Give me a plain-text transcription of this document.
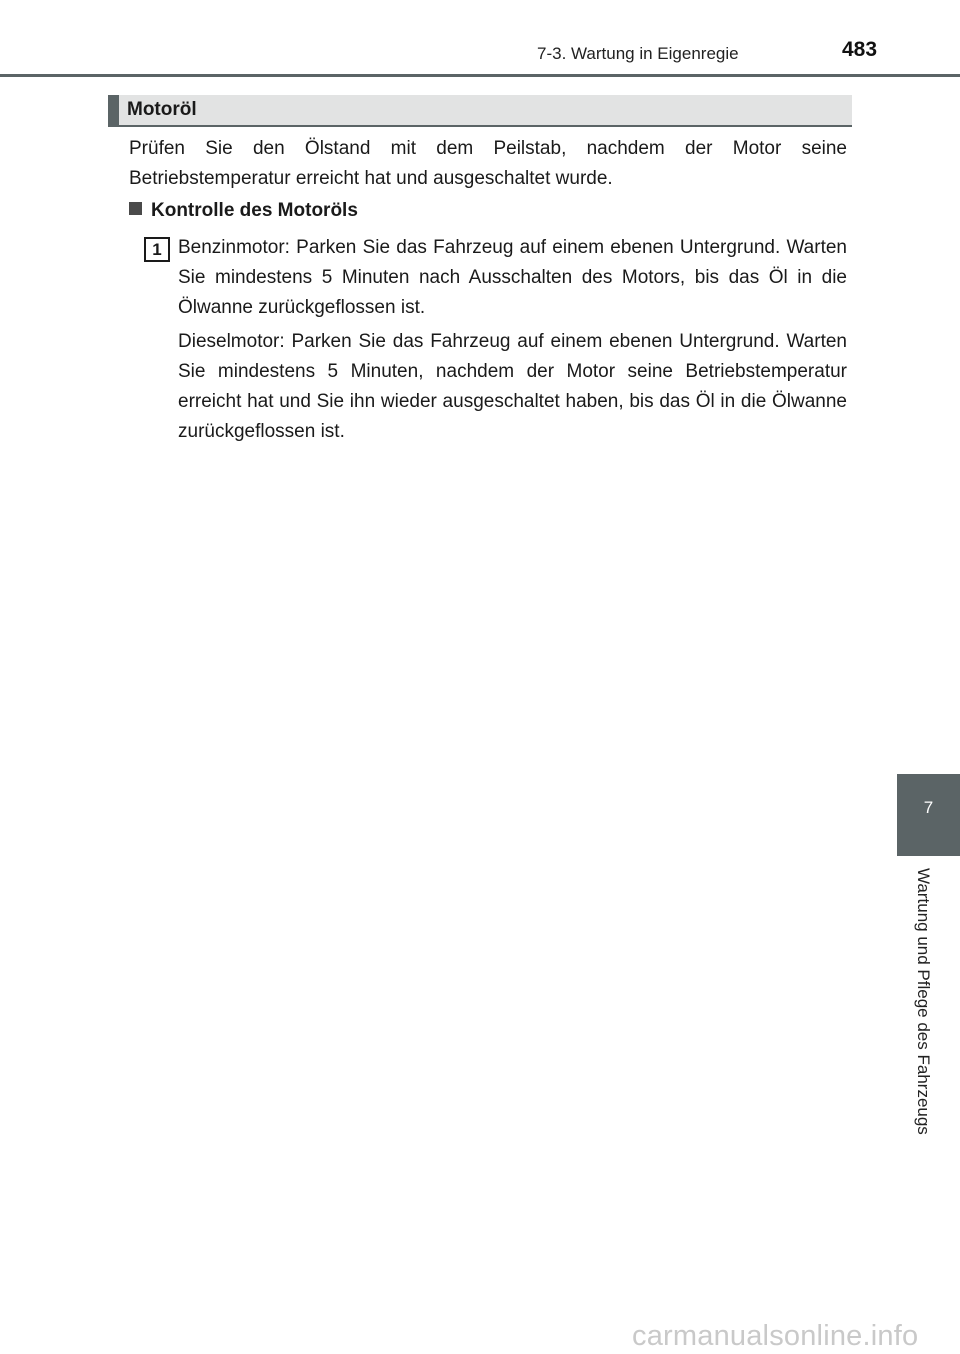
7-3. Wartung in Eigenregie	483
Motoröl
Prüfen Sie den Ölstand mit dem Peilstab, nachdem der Motor seine Betriebstemperatur erreicht hat und ausgeschaltet wurde.
Kontrolle des Motoröls
1 Benzinmotor: Parken Sie das Fahrzeug auf einem ebenen Untergrund. Warten Sie mindestens 5 Minuten nach Ausschalten des Motors, bis das Öl in die Ölwanne zurückgeflossen ist.
Dieselmotor: Parken Sie das Fahrzeug auf einem ebenen Untergrund. Warten Sie mindestens 5 Minuten, nachdem der Motor seine Betriebstemperatur erreicht hat und Sie ihn wieder ausgeschaltet haben, bis das Öl in die Ölwanne zurückgeflossen ist.
7
Wartung und Pflege des Fahrzeugs
carmanualsonline.info
